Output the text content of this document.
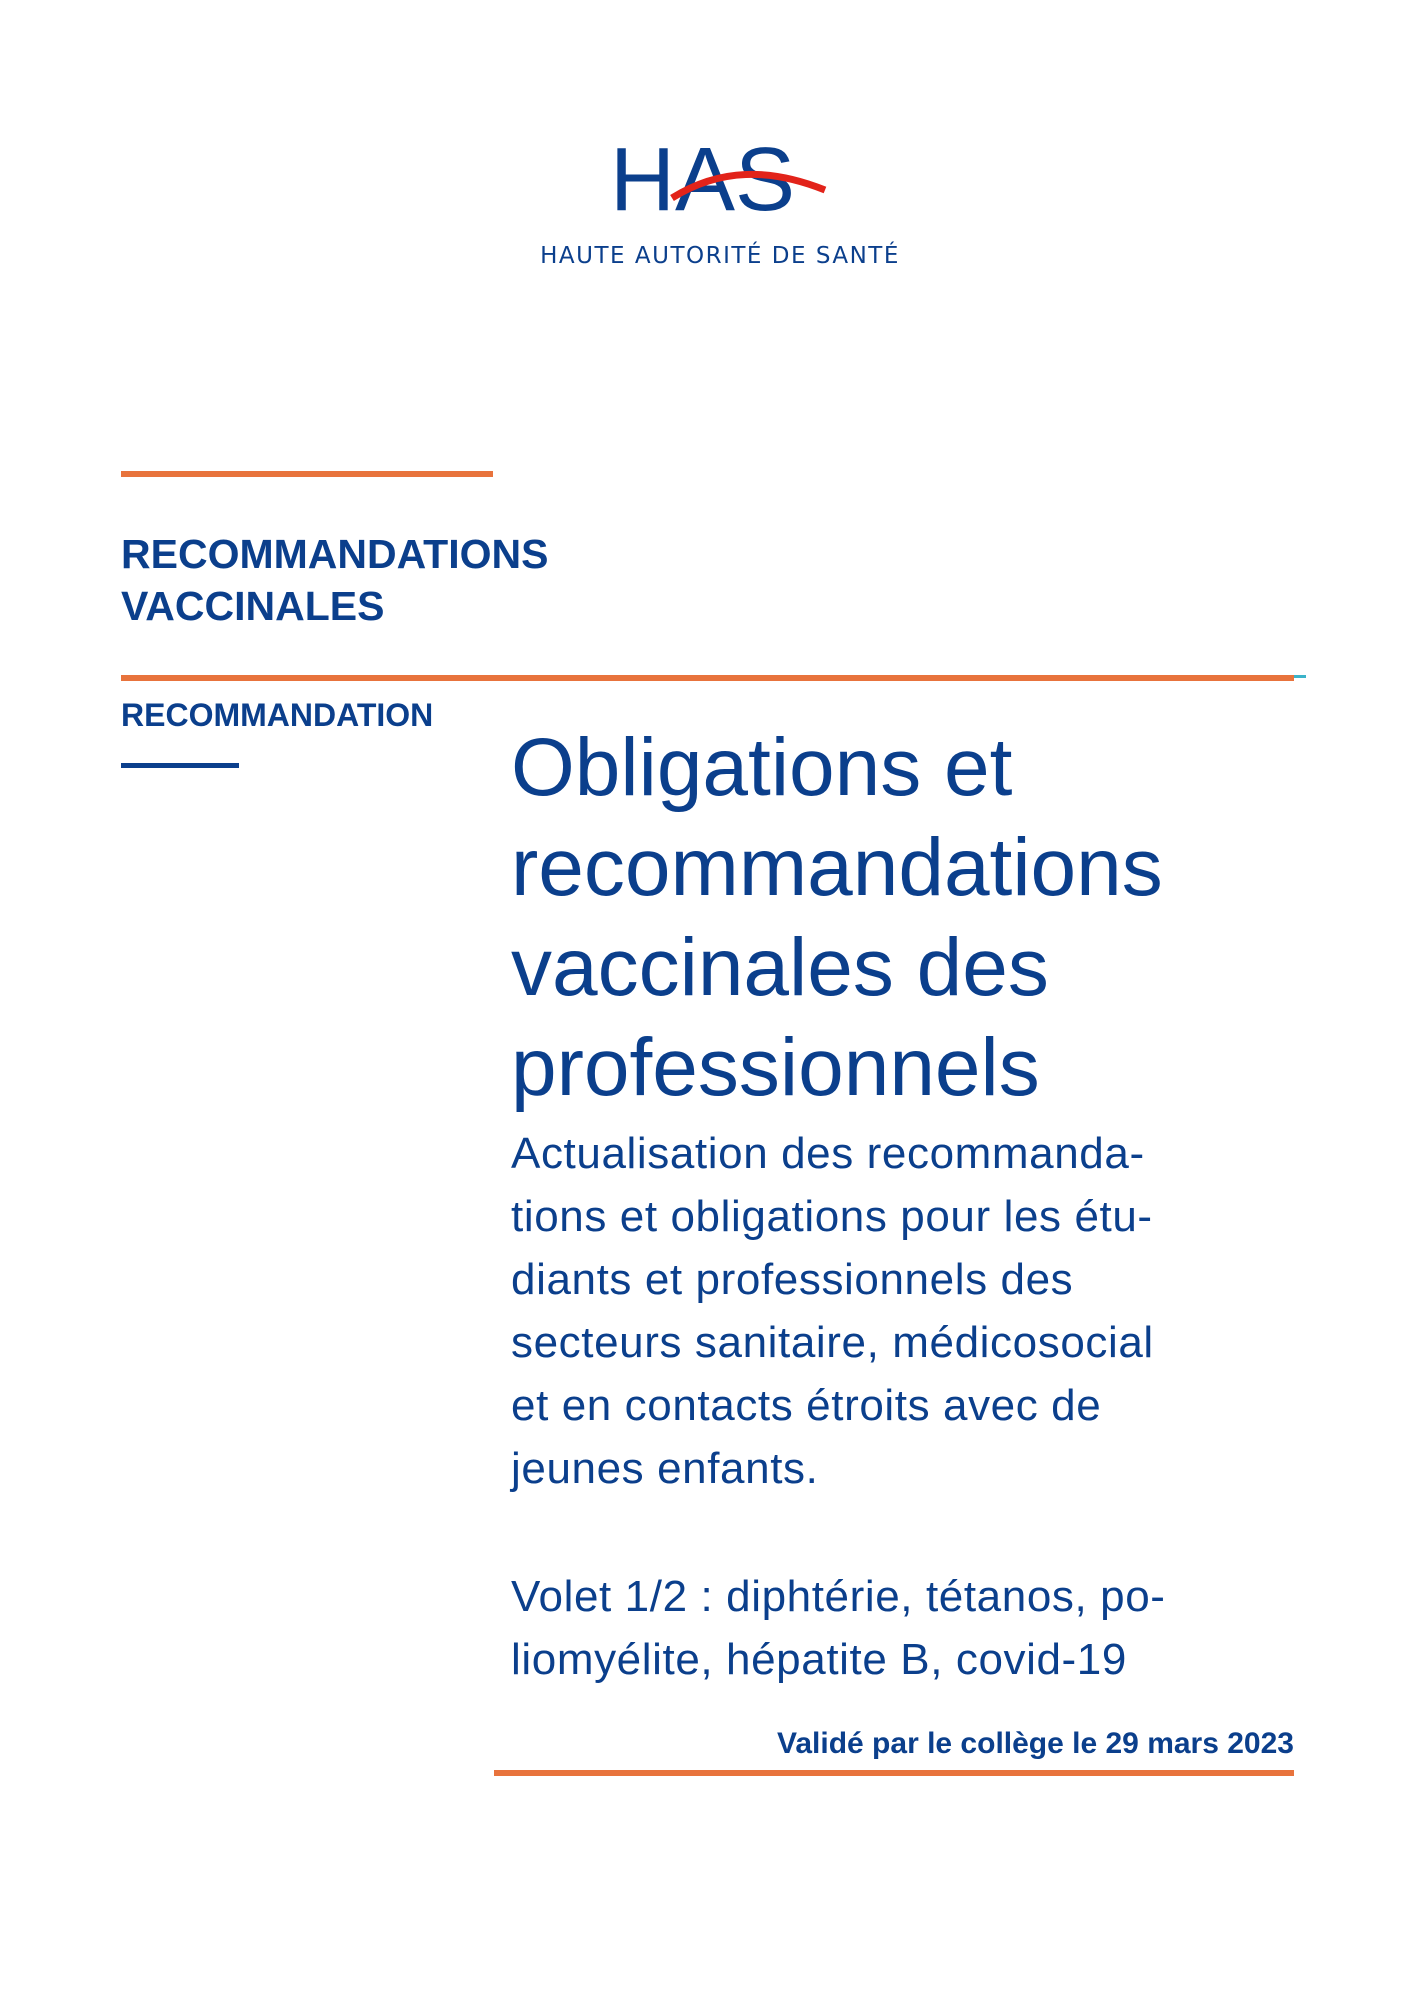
HAS
HAUTE AUTORITÉ DE SANTÉ
RECOMMANDATIONS
VACCINALES
RECOMMANDATION
Obligations et
recommandations
vaccinales des
professionnels
Actualisation des recommanda-
tions et obligations pour les étu-
diants et professionnels des
secteurs sanitaire, médicosocial
et en contacts étroits avec de
jeunes enfants.
Volet 1/2 : diphtérie, tétanos, po-
liomyélite, hépatite B, covid-19
Validé par le collège le 29 mars 2023
